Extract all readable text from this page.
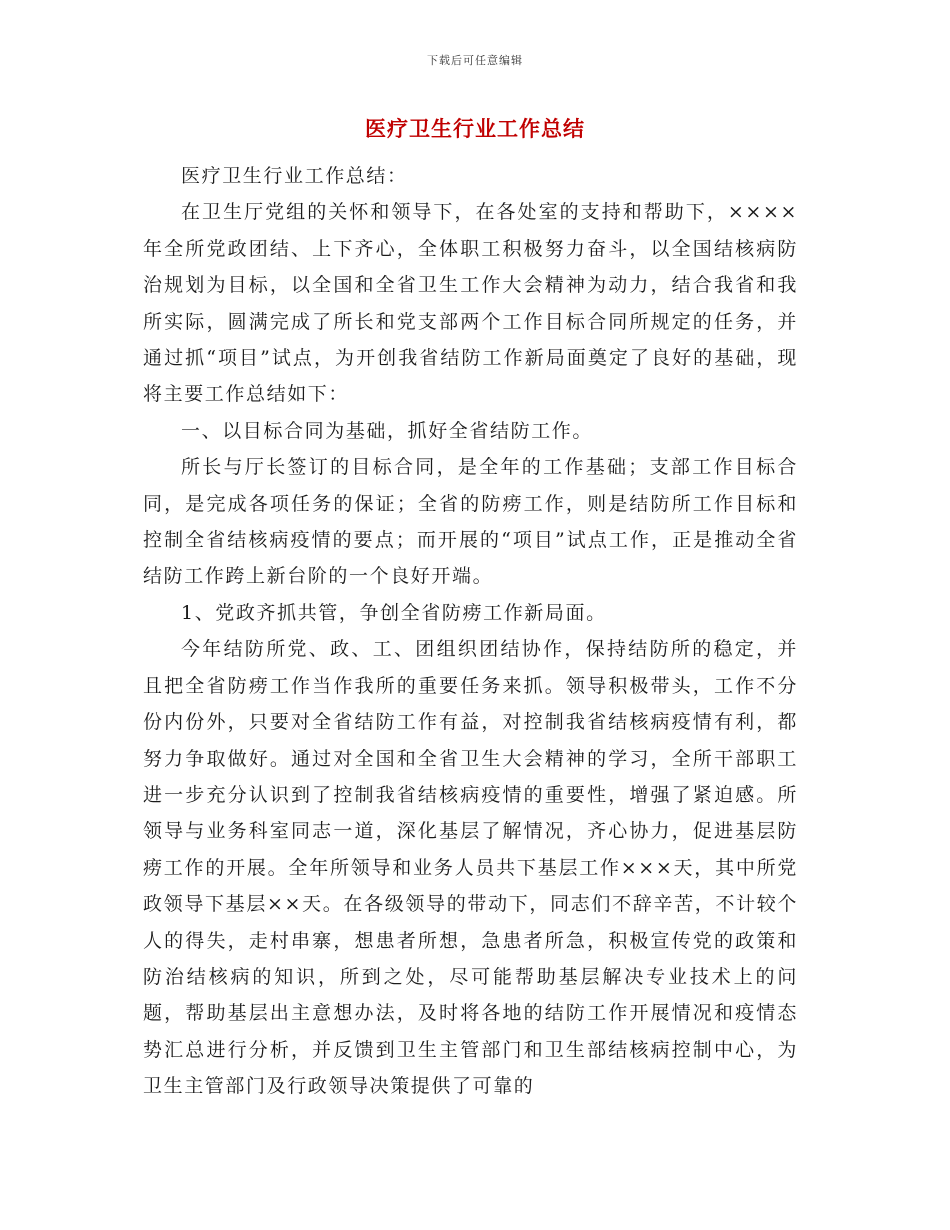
下载后可任意编辑
医疗卫生行业工作总结

医疗卫生行业工作总结：

在卫生厅党组的关怀和领导下，在各处室的支持和帮助下，××××年全所党政团结、上下齐心，全体职工积极努力奋斗，以全国结核病防治规划为目标，以全国和全省卫生工作大会精神为动力，结合我省和我所实际，圆满完成了所长和党支部两个工作目标合同所规定的任务，并通过抓“项目”试点，为开创我省结防工作新局面奠定了良好的基础，现将主要工作总结如下：

一、以目标合同为基础，抓好全省结防工作。

所长与厅长签订的目标合同，是全年的工作基础；支部工作目标合同，是完成各项任务的保证；全省的防痨工作，则是结防所工作目标和控制全省结核病疫情的要点；而开展的“项目”试点工作，正是推动全省结防工作跨上新台阶的一个良好开端。

1、党政齐抓共管，争创全省防痨工作新局面。

今年结防所党、政、工、团组织团结协作，保持结防所的稳定，并且把全省防痨工作当作我所的重要任务来抓。领导积极带头，工作不分份内份外，只要对全省结防工作有益，对控制我省结核病疫情有利，都努力争取做好。通过对全国和全省卫生大会精神的学习，全所干部职工进一步充分认识到了控制我省结核病疫情的重要性，增强了紧迫感。所领导与业务科室同志一道，深化基层了解情况，齐心协力，促进基层防痨工作的开展。全年所领导和业务人员共下基层工作×××天，其中所党政领导下基层××天。在各级领导的带动下，同志们不辞辛苦，不计较个人的得失，走村串寨，想患者所想，急患者所急，积极宣传党的政策和防治结核病的知识，所到之处，尽可能帮助基层解决专业技术上的问题，帮助基层出主意想办法，及时将各地的结防工作开展情况和疫情态势汇总进行分析，并反馈到卫生主管部门和卫生部结核病控制中心，为卫生主管部门及行政领导决策提供了可靠的
